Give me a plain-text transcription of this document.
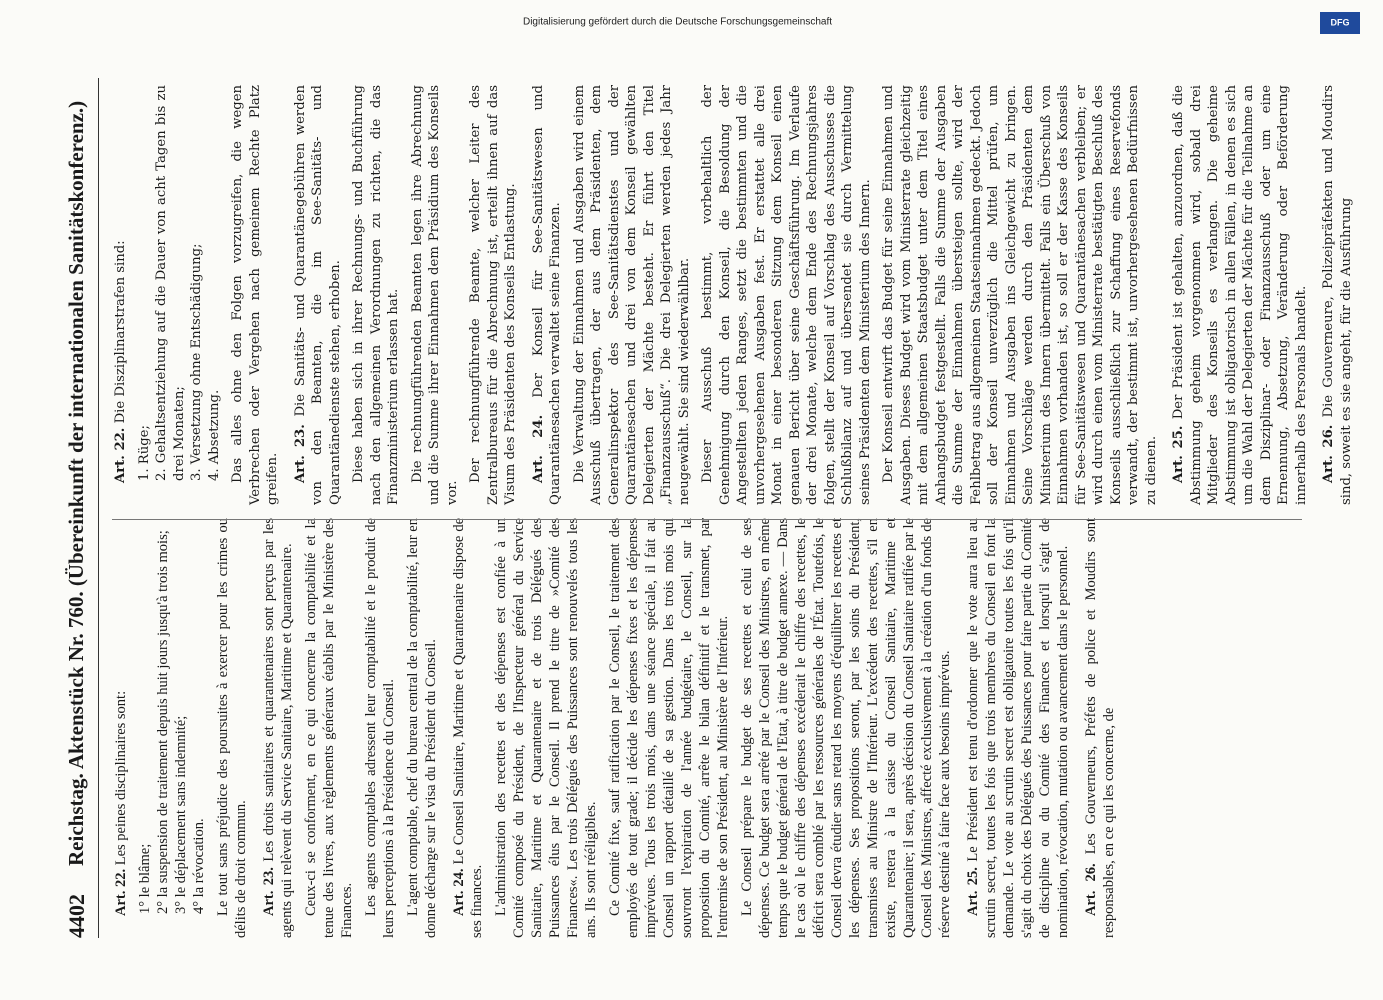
4402
Reichstag. Aktenstück Nr. 760. (Übereinkunft der internationalen Sanitätskonferenz.)

Art. 22. Les peines disciplinaires sont:

1° le blâme; 2° la suspension de traitement depuis huit jours jusqu'à trois mois; 3° le déplacement sans indemnité; 4° la révocation. Le tout sans préjudice des poursuites à exercer pour les crimes ou délits de droit commun. Art. 23. Les droits sanitaires et quarantenaires sont perçus par les agents qui relèvent du Service Sanitaire, Maritime et Quarantenaire. Ceux-ci se conforment, en ce qui concerne la comptabilité et la tenue des livres, aux règlements généraux établis par le Ministère des Finances. Les agents comptables adressent leur comptabilité et le produit de leurs perceptions à la Présidence du Conseil. L'agent comptable, chef du bureau central de la comptabilité, leur en donne décharge sur le visa du Président du Conseil. Art. 24. Le Conseil Sanitaire, Maritime et Quarantenaire dispose de ses finances. L'administration des recettes et des dépenses est confiée à un Comité composé du Président, de l'Inspecteur général du Service Sanitaire, Maritime et Quarantenaire et de trois Délégués des Puissances élus par le Conseil. Il prend le titre de »Comité des Finances«. Les trois Délégués des Puissances sont renouvelés tous les ans. Ils sont rééligibles. Ce Comité fixe, sauf ratification par le Conseil, le traitement des employés de tout grade; il décide les dépenses fixes et les dépenses imprévues. Tous les trois mois, dans une séance spéciale, il fait au Conseil un rapport détaillé de sa gestion. Dans les trois mois qui souvront l'expiration de l'année budgétaire, le Conseil, sur la proposition du Comité, arrête le bilan définitif et le transmet, par l'entremise de son Président, au Ministère de l'Intérieur. Le Conseil prépare le budget de ses recettes et celui de ses dépenses. Ce budget sera arrêté par le Conseil des Ministres, en même temps que le budget général de l'Etat, à titre de budget annexe. — Dans le cas où le chiffre des dépenses excéderait le chiffre des recettes, le déficit sera comblé par les ressources générales de l'État. Toutefois, le Conseil devra étudier sans retard les moyens d'équilibrer les recettes et les dépenses. Ses propositions seront, par les soins du Président, transmises au Ministre de l'Intérieur. L'excédent des recettes, s'il en existe, restera à la caisse du Conseil Sanitaire, Maritime et Quarantenaire; il sera, après décision du Conseil Sanitaire ratifiée par le Conseil des Ministres, affecté exclusivement à la création d'un fonds de réserve destiné à faire face aux besoins imprévus. Art. 25. Le Président est tenu d'ordonner que le vote aura lieu au scrutin secret, toutes les fois que trois membres du Conseil en font la demande. Le vote au scrutin secret est obligatoire toutes les fois qu'il s'agit du choix des Délégués des Puissances pour faire partie du Comité de discipline ou du Comité des Finances et lorsqu'il s'agit de nomination, révocation, mutation ou avancement dans le personnel. Art. 26. Les Gouverneurs, Préfets de police et Moudirs sont responsables, en ce qui les concerne, de

Art. 22. Die Disziplinarstrafen sind:

1. Rüge; 2. Gehaltsentziehung auf die Dauer von acht Tagen bis zu drei Monaten; 3. Versetzung ohne Entschädigung; 4. Absetzung. Das alles ohne den Folgen vorzugreifen, die wegen Verbrechen oder Vergehen nach gemeinem Rechte Platz greifen. Art. 23. Die Sanitäts- und Quarantänegebühren werden von den Beamten, die im See-Sanitäts- und Quarantänedienste stehen, erhoben. Diese haben sich in ihrer Rechnungs- und Buchführung nach den allgemeinen Verordnungen zu richten, die das Finanzministerium erlassen hat. Die rechnungführenden Beamten legen ihre Abrechnung und die Summe ihrer Einnahmen dem Präsidium des Konseils vor.

Der rechnungführende Beamte, welcher Leiter des Zentralbureaus für die Abrechnung ist, erteilt ihnen auf das Visum des Präsidenten des Konseils Entlastung. Art. 24. Der Konseil für See-Sanitätswesen und Quarantänesachen verwaltet seine Finanzen. Die Verwaltung der Einnahmen und Ausgaben wird einem Ausschuß übertragen, der aus dem Präsidenten, dem Generalinspektor des See-Sanitätsdienstes und der Quarantänesachen und drei von dem Konseil gewählten Delegierten der Mächte besteht. Er führt den Titel „Finanzausschuß“. Die drei Delegierten werden jedes Jahr neugewählt. Sie sind wiederwählbar. Dieser Ausschuß bestimmt, vorbehaltlich der Genehmigung durch den Konseil, die Besoldung der Angestellten jeden Ranges, setzt die bestimmten und die unvorhergesehenen Ausgaben fest. Er erstattet alle drei Monat in einer besonderen Sitzung dem Konseil einen genauen Bericht über seine Geschäftsführung. Im Verlaufe der drei Monate, welche dem Ende des Rechnungsjahres folgen, stellt der Konseil auf Vorschlag des Ausschusses die Schlußbilanz auf und übersendet sie durch Vermittelung seines Präsidenten dem Ministerium des Innern. Der Konseil entwirft das Budget für seine Einnahmen und Ausgaben. Dieses Budget wird vom Ministerrate gleichzeitig mit dem allgemeinen Staatsbudget unter dem Titel eines Anhangsbudget festgestellt. Falls die Summe der Ausgaben die Summe der Einnahmen übersteigen sollte, wird der Fehlbetrag aus allgemeinen Staatseinnahmen gedeckt. Jedoch soll der Konseil unverzüglich die Mittel prüfen, um Einnahmen und Ausgaben ins Gleichgewicht zu bringen. Seine Vorschläge werden durch den Präsidenten dem Ministerium des Innern übermittelt. Falls ein Überschuß von Einnahmen vorhanden ist, so soll er der Kasse des Konseils für See-Sanitätswesen und Quarantänesachen verbleiben; er wird durch einen vom Ministerrate bestätigten Beschluß des Konseils ausschließlich zur Schaffung eines Reservefonds verwandt, der bestimmt ist, unvorhergesehenen Bedürfnissen zu dienen. Art. 25. Der Präsident ist gehalten, anzuordnen, daß die Abstimmung geheim vorgenommen wird, sobald drei Mitglieder des Konseils es verlangen. Die geheime Abstimmung ist obligatorisch in allen Fällen, in denen es sich um die Wahl der Delegierten der Mächte für die Teilnahme an dem Disziplinar- oder Finanzausschuß oder um eine Ernennung, Absetzung, Veränderung oder Beförderung innerhalb des Personals handelt. Art. 26. Die Gouverneure, Polizeipräfekten und Moudirs sind, soweit es sie angeht, für die Ausführung

Digitalisierung gefördert durch die Deutsche Forschungsgemeinschaft	DFG
